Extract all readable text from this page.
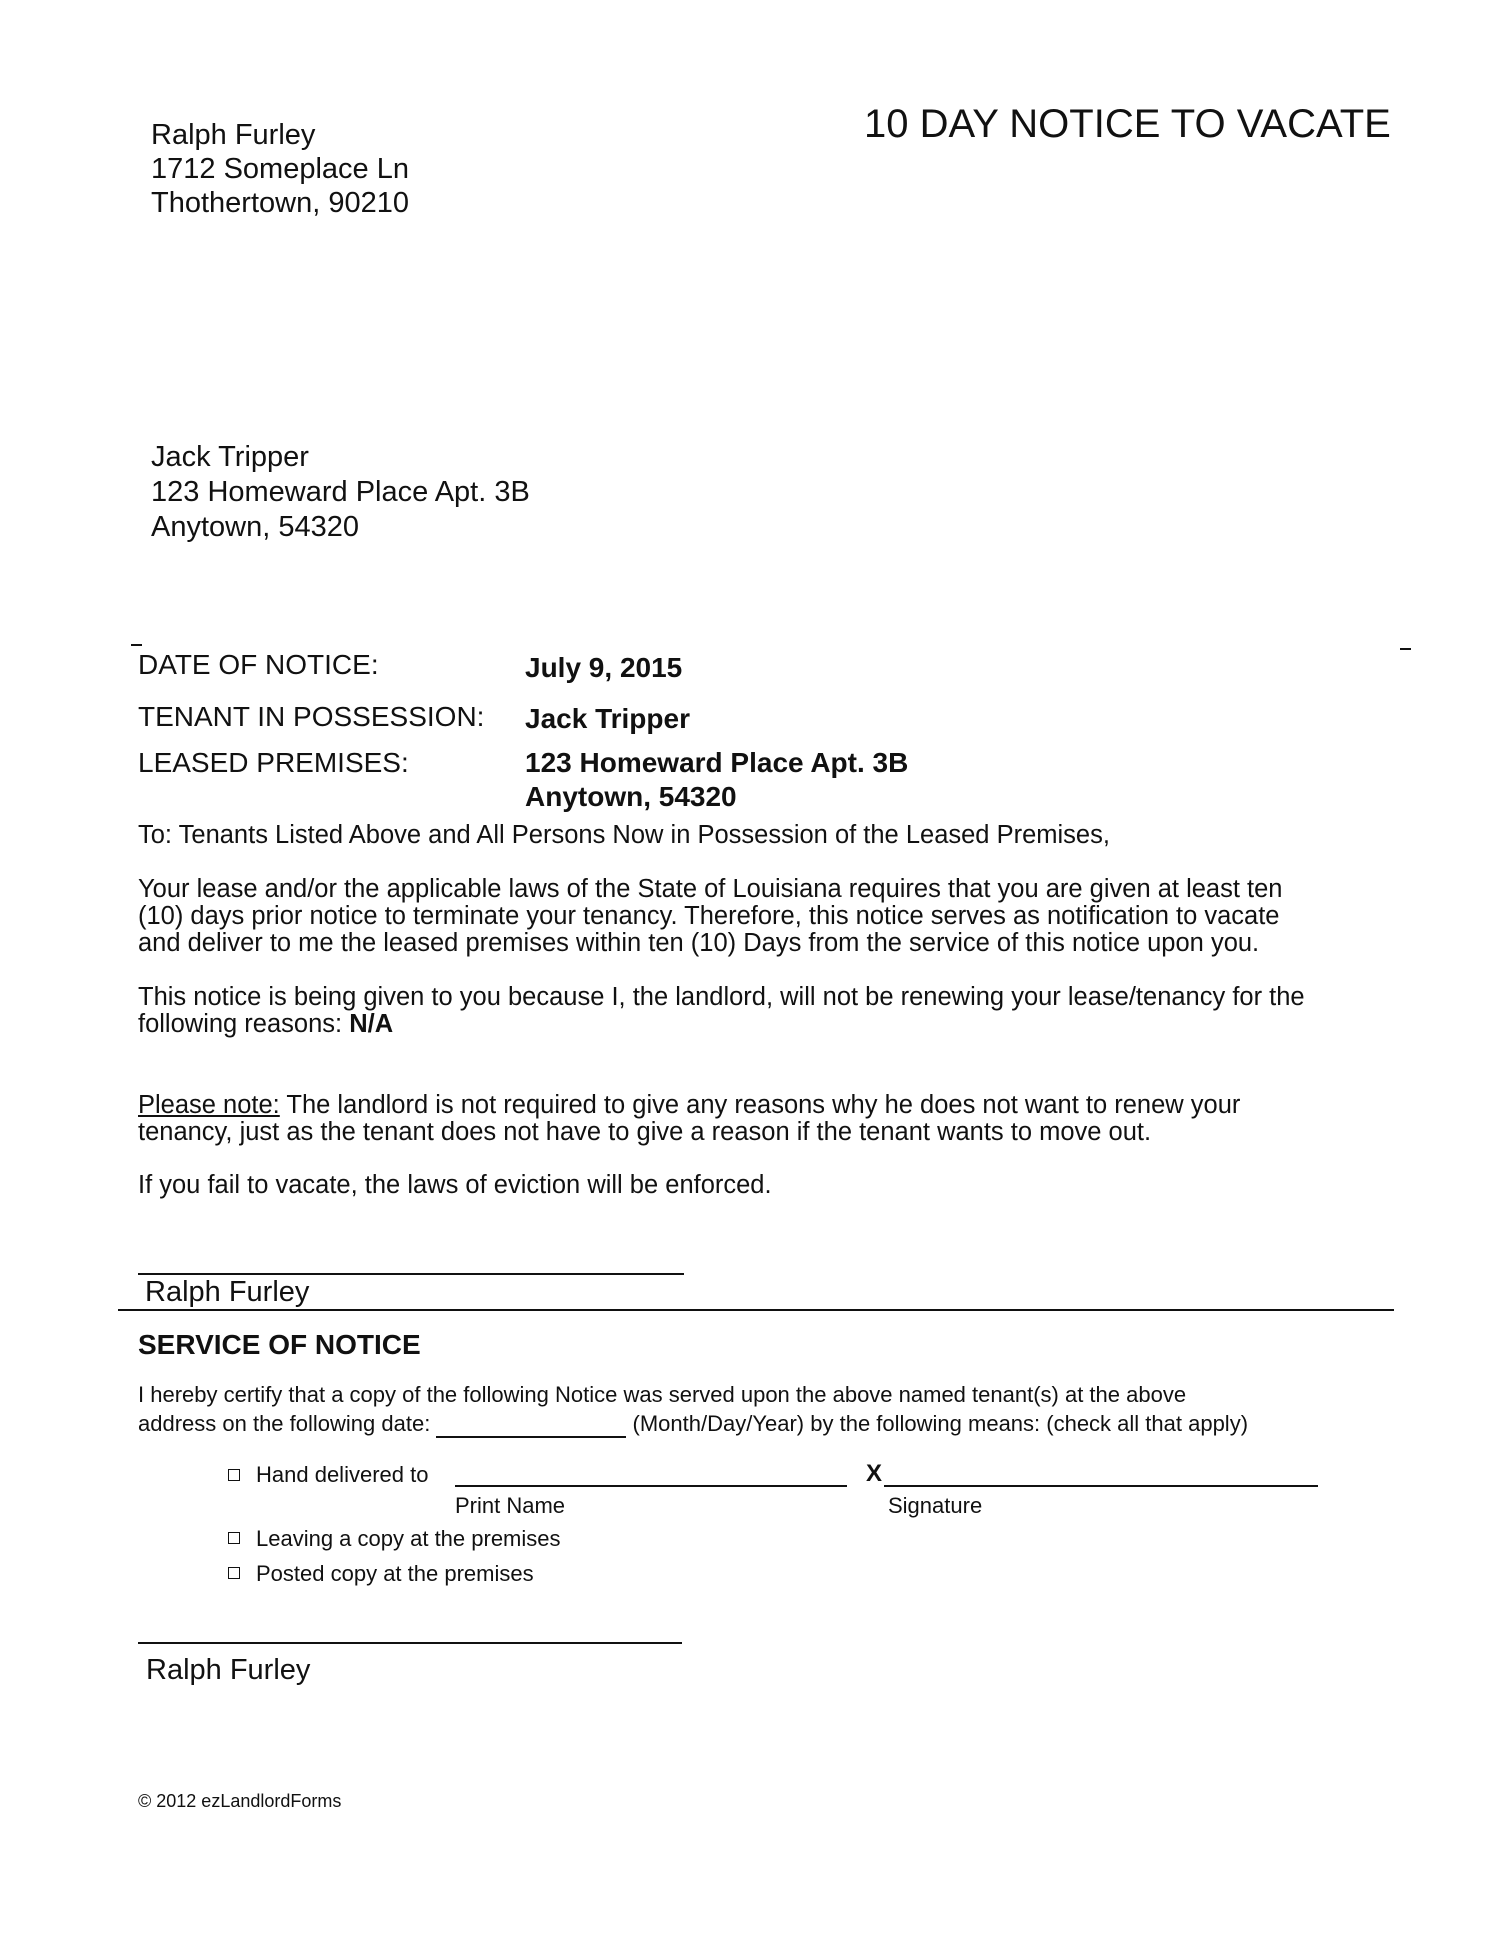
10 DAY NOTICE TO VACATE
Ralph Furley
1712 Someplace Ln
Thothertown, 90210
Jack Tripper
123 Homeward Place Apt. 3B
Anytown, 54320
DATE OF NOTICE:	July 9, 2015
TENANT IN POSSESSION: Jack Tripper
LEASED PREMISES:	123 Homeward Place Apt. 3B
Anytown, 54320
To: Tenants Listed Above and All Persons Now in Possession of the Leased Premises,
Your lease and/or the applicable laws of the State of Louisiana requires that you are given at least ten
(10) days prior notice to terminate your tenancy. Therefore, this notice serves as notification to vacate
and deliver to me the leased premises within ten (10) Days from the service of this notice upon you.
This notice is being given to you because I, the landlord, will not be renewing your lease/tenancy for the
following reasons: N/A
Please note: The landlord is not required to give any reasons why he does not want to renew your
tenancy, just as the tenant does not have to give a reason if the tenant wants to move out.
If you fail to vacate, the laws of eviction will be enforced.
Ralph Furley
SERVICE OF NOTICE
I hereby certify that a copy of the following Notice was served upon the above named tenant(s) at the above
address on the following date:	(Month/Day/Year) by the following means: (check all that apply)
Hand delivered to	X
Print Name	Signature
Leaving a copy at the premises
Posted copy at the premises
Ralph Furley
© 2012 ezLandlordForms
